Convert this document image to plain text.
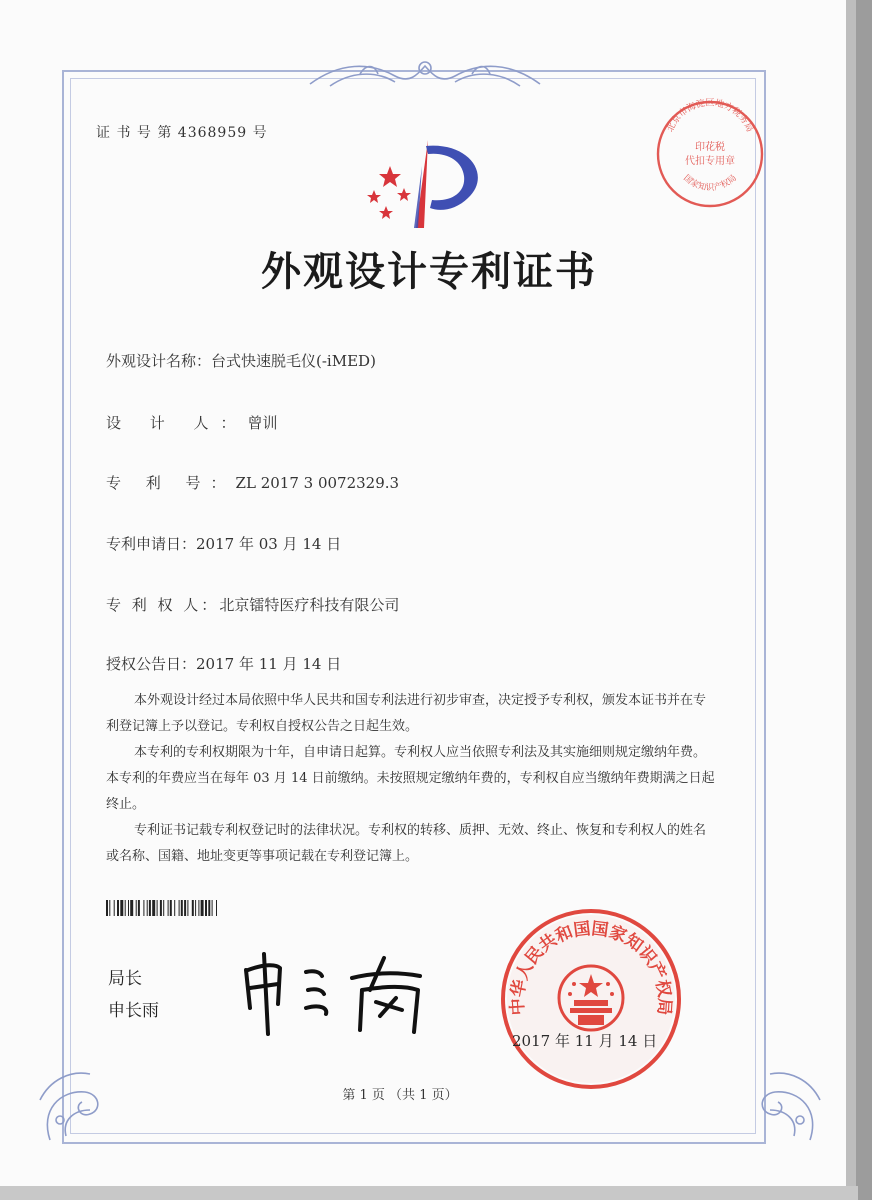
证 书 号 第 4368959 号	北京市海淀区地方税务局
印花税
代扣专用章
国家知识产权局
外观设计专利证书
外观设计名称：台式快速脱毛仪(-iMED)
设 计 人：曾训
专 利 号：ZL 2017 3 0072329.3
专利申请日：2017 年 03 月 14 日
专 利 权 人：北京镭特医疗科技有限公司
授权公告日：2017 年 11 月 14 日
本外观设计经过本局依照中华人民共和国专利法进行初步审查，决定授予专利权，颁发本证书并在专利登记簿上予以登记。专利权自授权公告之日起生效。
本专利的专利权期限为十年，自申请日起算。专利权人应当依照专利法及其实施细则规定缴纳年费。本专利的年费应当在每年 03 月 14 日前缴纳。未按照规定缴纳年费的，专利权自应当缴纳年费期满之日起终止。
专利证书记载专利权登记时的法律状况。专利权的转移、质押、无效、终止、恢复和专利权人的姓名或名称、国籍、地址变更等事项记载在专利登记簿上。
局长
申长雨	中华人民共和国国家知识产权局
2017 年 11 月 14 日
第 1 页 （共 1 页）
